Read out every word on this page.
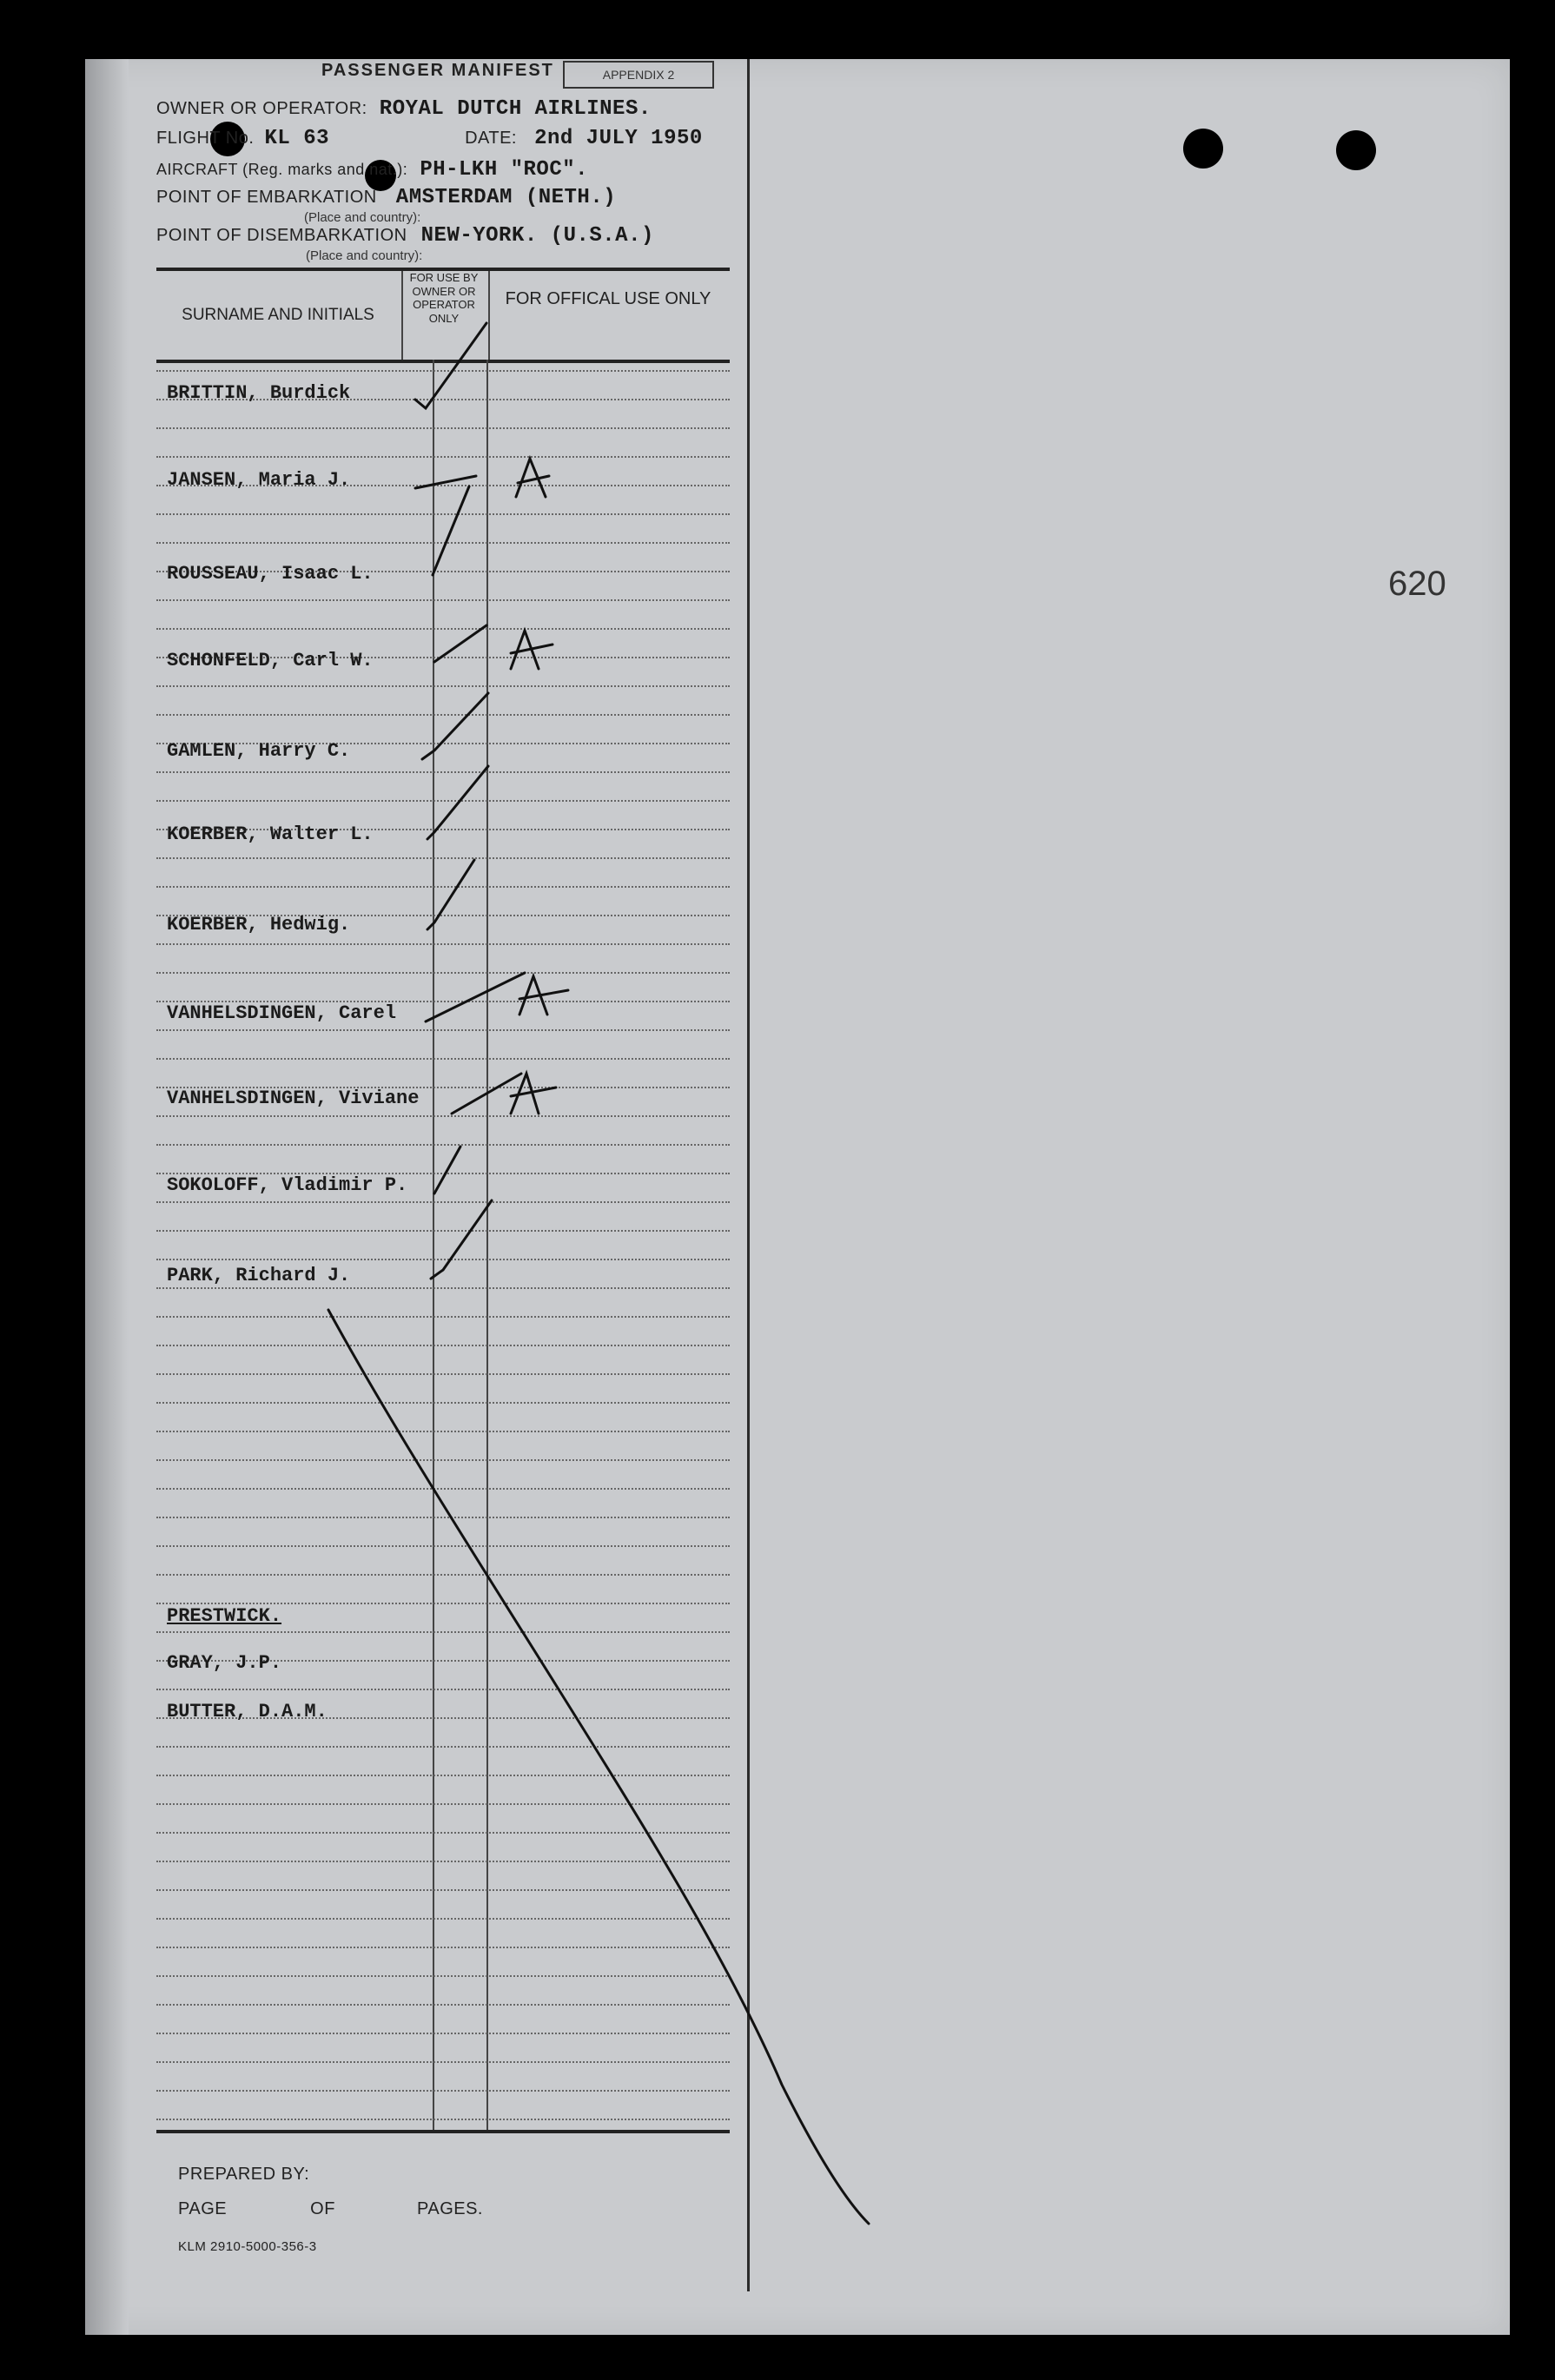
PASSENGER MANIFEST	APPENDIX 2
OWNER OR OPERATOR: ROYAL DUTCH AIRLINES.
FLIGHT No. KL 63	DATE: 2nd JULY 1950
AIRCRAFT (Reg. marks and nat.): PH-LKH "ROC".
POINT OF EMBARKATION AMSTERDAM (NETH.)
(Place and country):
POINT OF DISEMBARKATION NEW-YORK. (U.S.A.)
(Place and country):
SURNAME AND INITIALS
FOR USE BY OWNER OR OPERATOR ONLY
FOR OFFICAL USE ONLY
BRITTIN, Burdick
JANSEN, Maria J.
ROUSSEAU, Isaac L.
SCHONFELD, Carl W.
GAMLEN, Harry C.
KOERBER, Walter L.
KOERBER, Hedwig.
VANHELSDINGEN, Carel
VANHELSDINGEN, Viviane
SOKOLOFF, Vladimir P.
PARK, Richard J.
PRESTWICK.
GRAY, J.P.
BUTTER, D.A.M.
PREPARED BY:
PAGE	OF	PAGES.
KLM 2910-5000-356-3
620
